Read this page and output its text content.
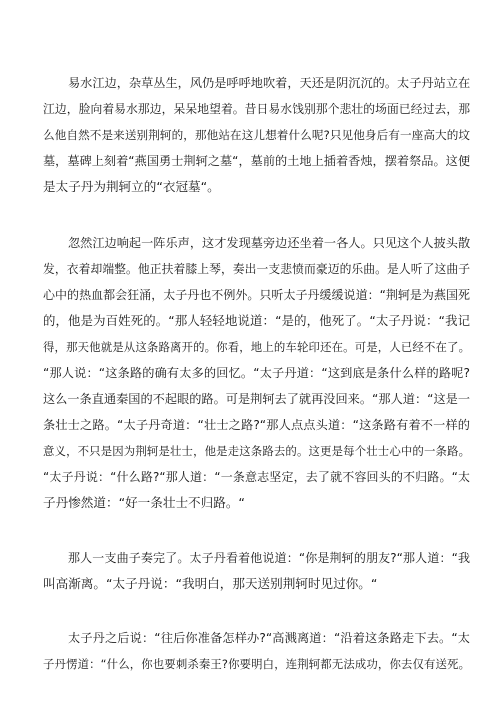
易水江边，杂草丛生，风仍是呼呼地吹着，天还是阴沉沉的。太子丹站立在
江边，脸向着易水那边，呆呆地望着。昔日易水饯别那个悲壮的场面已经过去，那
么他自然不是来送别荆轲的，那他站在这儿想着什么呢?只见他身后有一座高大的坟
墓，墓碑上刻着“燕国勇士荆轲之墓“，墓前的土地上插着香烛，摆着祭品。这便
是太子丹为荆轲立的“衣冠墓“。
忽然江边响起一阵乐声，这才发现墓旁边还坐着一各人。只见这个人披头散
发，衣着却端整。他正扶着膝上琴，奏出一支悲愤而豪迈的乐曲。是人听了这曲子
心中的热血都会狂涌，太子丹也不例外。只听太子丹缓缓说道：“荆轲是为燕国死
的，他是为百姓死的。“那人轻轻地说道：“是的，他死了。“太子丹说：“我记
得，那天他就是从这条路离开的。你看，地上的车轮印还在。可是，人已经不在了。
“那人说：“这条路的确有太多的回忆。“太子丹道：“这到底是条什么样的路呢?
这么一条直通秦国的不起眼的路。可是荆轲去了就再没回来。“那人道：“这是一
条壮士之路。“太子丹奇道：“壮士之路?“那人点点头道：“这条路有着不一样的
意义，不只是因为荆轲是壮士，他是走这条路去的。这更是每个壮士心中的一条路。
“太子丹说：“什么路?“那人道：“一条意志坚定，去了就不容回头的不归路。“太
子丹惨然道：“好一条壮士不归路。“
那人一支曲子奏完了。太子丹看着他说道：“你是荆轲的朋友?“那人道：“我
叫高渐离。“太子丹说：“我明白，那天送别荆轲时见过你。“
太子丹之后说：“往后你准备怎样办?“高溅离道：“沿着这条路走下去。“太
子丹愣道：“什么，你也要刺杀秦王?你要明白，连荆轲都无法成功，你去仅有送死。
